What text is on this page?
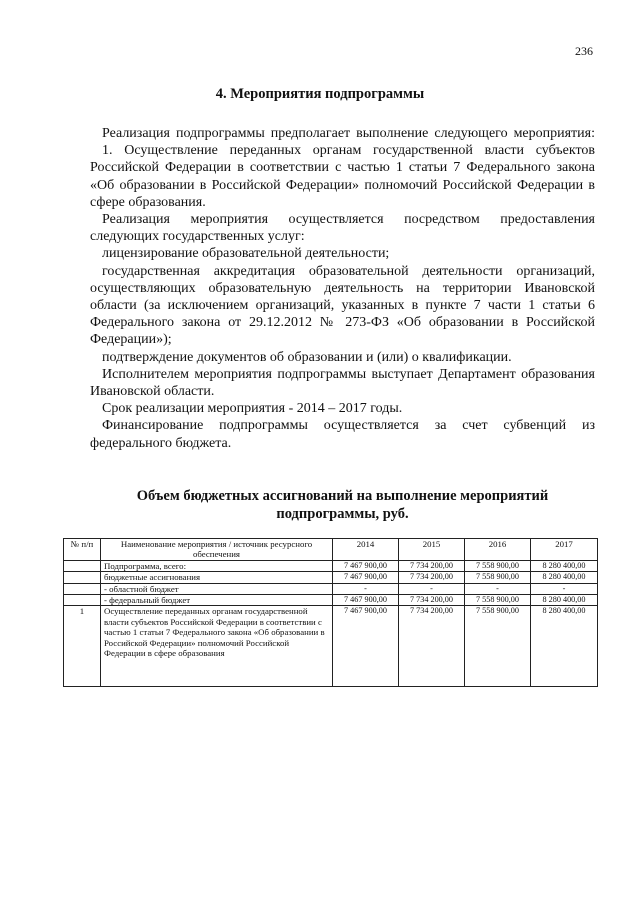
236
4. Мероприятия подпрограммы

Реализация подпрограммы предполагает выполнение следующего мероприятия:

1. Осуществление переданных органам государственной власти субъектов Российской Федерации в соответствии с частью 1 статьи 7 Федерального закона «Об образовании в Российской Федерации» полномочий Российской Федерации в сфере образования.

Реализация мероприятия осуществляется посредством предоставления следующих государственных услуг:

лицензирование образовательной деятельности;

государственная аккредитация образовательной деятельности организаций, осуществляющих образовательную деятельность на территории Ивановской области (за исключением организаций, указанных в пункте 7 части 1 статьи 6 Федерального закона от 29.12.2012 № 273-ФЗ «Об образовании в Российской Федерации»);

подтверждение документов об образовании и (или) о квалификации.

Исполнителем мероприятия подпрограммы выступает Департамент образования Ивановской области.

Срок реализации мероприятия - 2014 – 2017 годы.

Финансирование подпрограммы осуществляется за счет субвенций из федерального бюджета.

Объем бюджетных ассигнований на выполнение мероприятий подпрограммы, руб.
№ п/п	Наименование мероприятия / источник ресурсного обеспечения	2014	2015	2016	2017
	Подпрограмма, всего:	7 467 900,00	7 734 200,00	7 558 900,00	8 280 400,00
	бюджетные ассигнования	7 467 900,00	7 734 200,00	7 558 900,00	8 280 400,00
	- областной бюджет	-	-	-	-
	- федеральный бюджет	7 467 900,00	7 734 200,00	7 558 900,00	8 280 400,00
1	Осуществление переданных органам государственной власти субъектов Российской Федерации в соответствии с частью 1 статьи 7 Федерального закона «Об образовании в Российской Федерации» полномочий Российской Федерации в сфере образования	7 467 900,00	7 734 200,00	7 558 900,00	8 280 400,00
